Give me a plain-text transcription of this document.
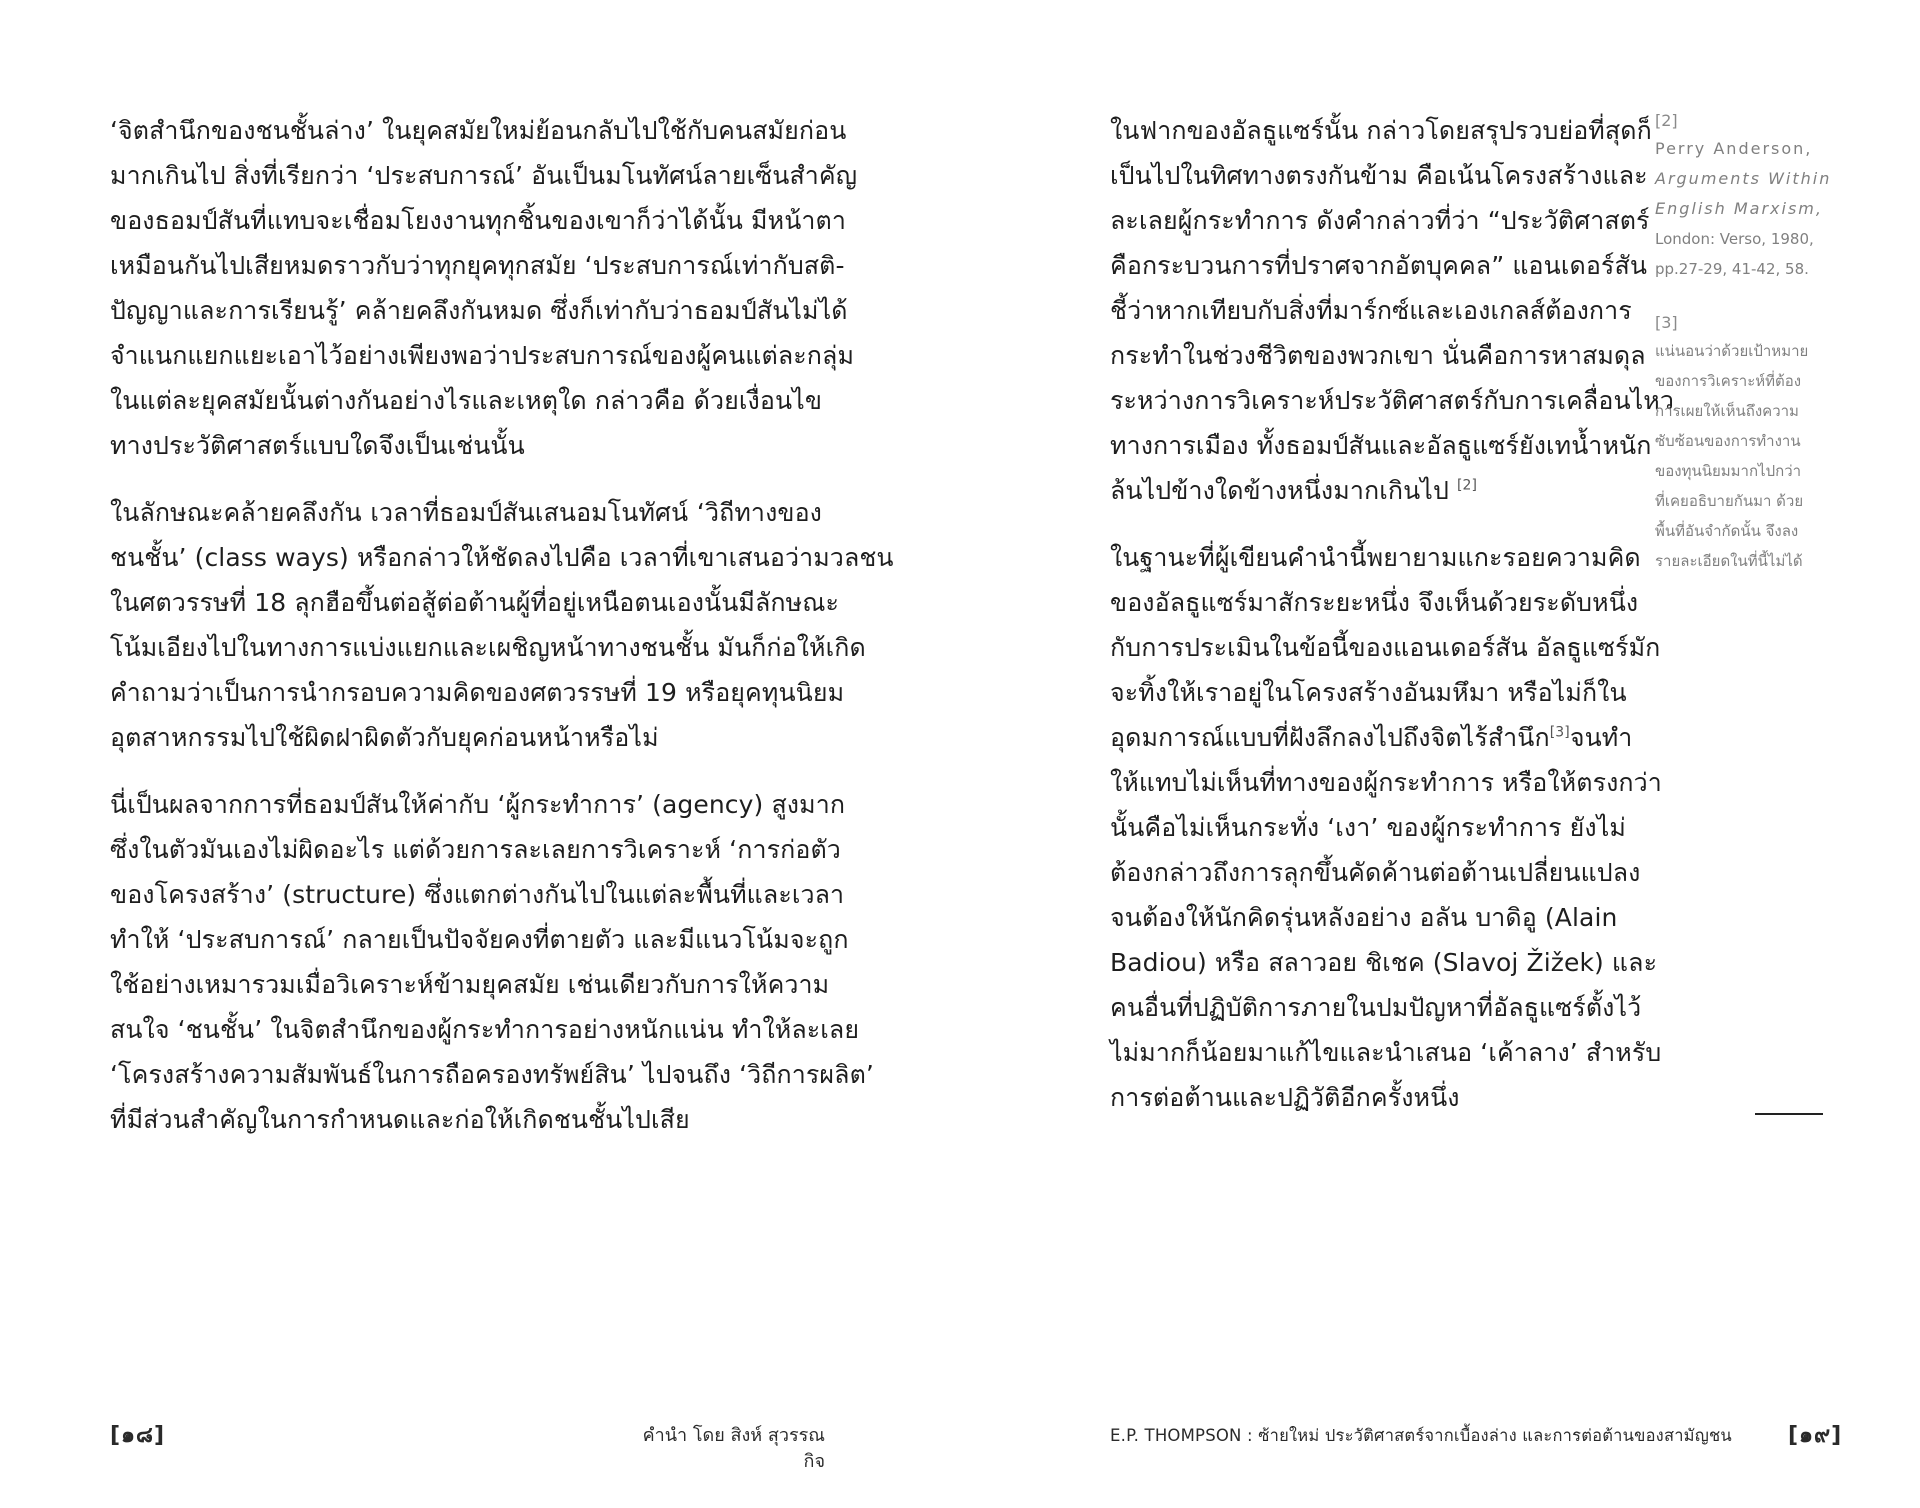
‘จิตสำนึกของชนชั้นล่าง’ ในยุคสมัยใหม่ย้อนกลับไปใช้กับคนสมัยก่อน
มากเกินไป สิ่งที่เรียกว่า ‘ประสบการณ์’ อันเป็นมโนทัศน์ลายเซ็นสำคัญ
ของธอมป์สันที่แทบจะเชื่อมโยงงานทุกชิ้นของเขาก็ว่าได้นั้น มีหน้าตา
เหมือนกันไปเสียหมดราวกับว่าทุกยุคทุกสมัย ‘ประสบการณ์เท่ากับสติ-
ปัญญาและการเรียนรู้’ คล้ายคลึงกันหมด ซึ่งก็เท่ากับว่าธอมป์สันไม่ได้
จำแนกแยกแยะเอาไว้อย่างเพียงพอว่าประสบการณ์ของผู้คนแต่ละกลุ่ม
ในแต่ละยุคสมัยนั้นต่างกันอย่างไรและเหตุใด กล่าวคือ ด้วยเงื่อนไข
ทางประวัติศาสตร์แบบใดจึงเป็นเช่นนั้น
ในลักษณะคล้ายคลึงกัน เวลาที่ธอมป์สันเสนอมโนทัศน์ ‘วิถีทางของ
ชนชั้น’ (class ways) หรือกล่าวให้ชัดลงไปคือ เวลาที่เขาเสนอว่ามวลชน
ในศตวรรษที่ 18 ลุกฮือขึ้นต่อสู้ต่อต้านผู้ที่อยู่เหนือตนเองนั้นมีลักษณะ
โน้มเอียงไปในทางการแบ่งแยกและเผชิญหน้าทางชนชั้น มันก็ก่อให้เกิด
คำถามว่าเป็นการนำกรอบความคิดของศตวรรษที่ 19 หรือยุคทุนนิยม
อุตสาหกรรมไปใช้ผิดฝาผิดตัวกับยุคก่อนหน้าหรือไม่
นี่เป็นผลจากการที่ธอมป์สันให้ค่ากับ ‘ผู้กระทำการ’ (agency) สูงมาก
ซึ่งในตัวมันเองไม่ผิดอะไร แต่ด้วยการละเลยการวิเคราะห์ ‘การก่อตัว
ของโครงสร้าง’ (structure) ซึ่งแตกต่างกันไปในแต่ละพื้นที่และเวลา
ทำให้ ‘ประสบการณ์’ กลายเป็นปัจจัยคงที่ตายตัว และมีแนวโน้มจะถูก
ใช้อย่างเหมารวมเมื่อวิเคราะห์ข้ามยุคสมัย เช่นเดียวกับการให้ความ
สนใจ ‘ชนชั้น’ ในจิตสำนึกของผู้กระทำการอย่างหนักแน่น ทำให้ละเลย
‘โครงสร้างความสัมพันธ์ในการถือครองทรัพย์สิน’ ไปจนถึง ‘วิถีการผลิต’
ที่มีส่วนสำคัญในการกำหนดและก่อให้เกิดชนชั้นไปเสีย
[๑๘]	คำนำ โดย สิงห์ สุวรรณกิจ
ในฟากของอัลธูแซร์นั้น กล่าวโดยสรุปรวบย่อที่สุดก็
เป็นไปในทิศทางตรงกันข้าม คือเน้นโครงสร้างและ
ละเลยผู้กระทำการ ดังคำกล่าวที่ว่า “ประวัติศาสตร์
คือกระบวนการที่ปราศจากอัตบุคคล” แอนเดอร์สัน
ชี้ว่าหากเทียบกับสิ่งที่มาร์กซ์และเองเกลส์ต้องการ
กระทำในช่วงชีวิตของพวกเขา นั่นคือการหาสมดุล
ระหว่างการวิเคราะห์ประวัติศาสตร์กับการเคลื่อนไหว
ทางการเมือง ทั้งธอมป์สันและอัลธูแซร์ยังเทน้ำหนัก
ล้นไปข้างใดข้างหนึ่งมากเกินไป [2]
ในฐานะที่ผู้เขียนคำนำนี้พยายามแกะรอยความคิด
ของอัลธูแซร์มาสักระยะหนึ่ง จึงเห็นด้วยระดับหนึ่ง
กับการประเมินในข้อนี้ของแอนเดอร์สัน อัลธูแซร์มัก
จะทิ้งให้เราอยู่ในโครงสร้างอันมหึมา หรือไม่ก็ใน
อุดมการณ์แบบที่ฝังลึกลงไปถึงจิตไร้สำนึก[3] จนทำ
ให้แทบไม่เห็นที่ทางของผู้กระทำการ หรือให้ตรงกว่า
นั้นคือไม่เห็นกระทั่ง ‘เงา’ ของผู้กระทำการ ยังไม่
ต้องกล่าวถึงการลุกขึ้นคัดค้านต่อต้านเปลี่ยนแปลง
จนต้องให้นักคิดรุ่นหลังอย่าง อลัน บาดิอู (Alain
Badiou) หรือ สลาวอย ชิเชค (Slavoj Žižek) และ
คนอื่นที่ปฏิบัติการภายในปมปัญหาที่อัลธูแซร์ตั้งไว้
ไม่มากก็น้อยมาแก้ไขและนำเสนอ ‘เค้าลาง’ สำหรับ
การต่อต้านและปฏิวัติอีกครั้งหนึ่ง
[2]
Perry Anderson,
Arguments Within
English Marxism,
London: Verso, 1980,
pp.27-29, 41-42, 58.
[3]
แน่นอนว่าด้วยเป้าหมาย
ของการวิเคราะห์ที่ต้อง
การเผยให้เห็นถึงความ
ซับซ้อนของการทำงาน
ของทุนนิยมมากไปกว่า
ที่เคยอธิบายกันมา ด้วย
พื้นที่อันจำกัดนั้น จึงลง
รายละเอียดในที่นี้ไม่ได้
E.P. THOMPSON : ซ้ายใหม่ ประวัติศาสตร์จากเบื้องล่าง และการต่อต้านของสามัญชน	[๑๙]
